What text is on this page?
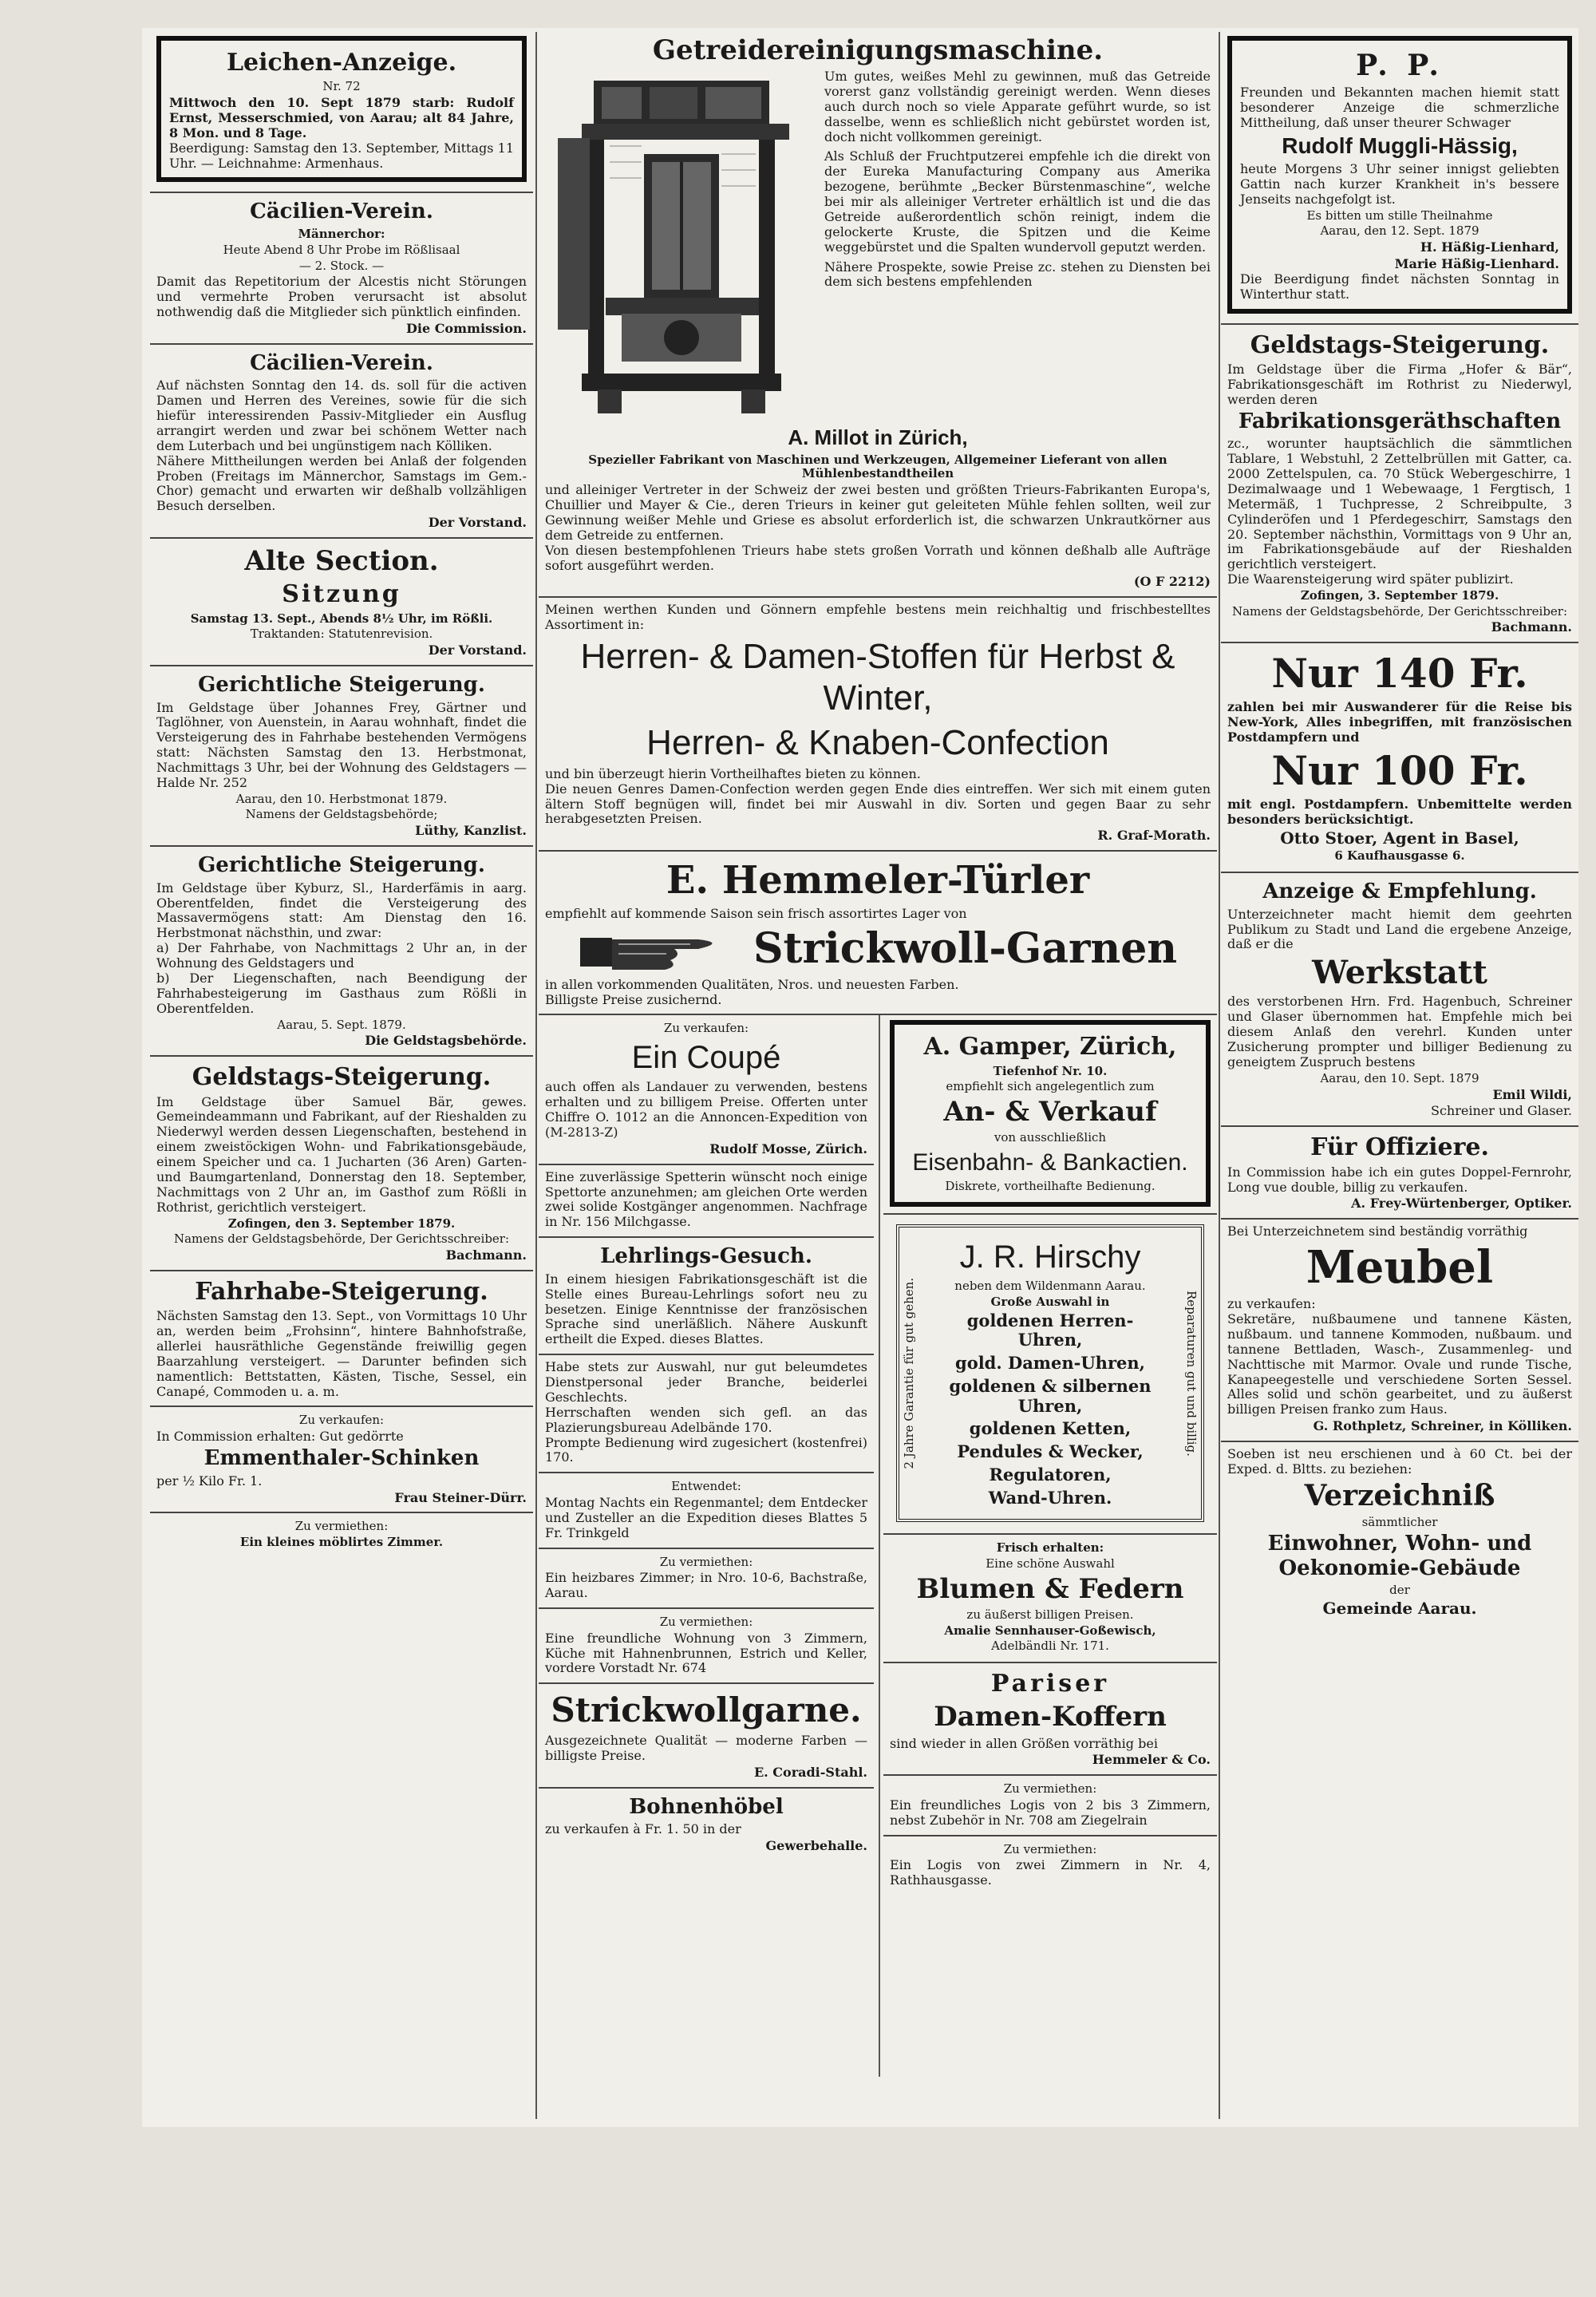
Leichen-Anzeige.
Nr. 72

Mittwoch den 10. Sept 1879 starb: Rudolf Ernst, Messerschmied, von Aarau; alt 84 Jahre, 8 Mon. und 8 Tage.

Beerdigung: Samstag den 13. September, Mittags 11 Uhr. — Leichnahme: Armenhaus.

Cäcilien-Verein.
Männerchor:
Heute Abend 8 Uhr Probe im Rößlisaal
— 2. Stock. —

Damit das Repetitorium der Alcestis nicht Störungen und vermehrte Proben verursacht ist absolut nothwendig daß die Mitglieder sich pünktlich einfinden.

Die Commission.
Cäcilien-Verein.

Auf nächsten Sonntag den 14. ds. soll für die activen Damen und Herren des Vereines, sowie für die sich hiefür interessirenden Passiv-Mitglieder ein Ausflug arrangirt werden und zwar bei schönem Wetter nach dem Luterbach und bei ungünstigem nach Kölliken.

Nähere Mittheilungen werden bei Anlaß der folgenden Proben (Freitags im Männerchor, Samstags im Gem.-Chor) gemacht und erwarten wir deßhalb vollzähligen Besuch derselben.

Der Vorstand.
Alte Section.
Sitzung
Samstag 13. Sept., Abends 8½ Uhr, im Rößli.
Traktanden: Statutenrevision.
Der Vorstand.
Gerichtliche Steigerung.

Im Geldstage über Johannes Frey, Gärtner und Taglöhner, von Auenstein, in Aarau wohnhaft, findet die Versteigerung des in Fahrhabe bestehenden Vermögens statt: Nächsten Samstag den 13. Herbstmonat, Nachmittags 3 Uhr, bei der Wohnung des Geldstagers — Halde Nr. 252

Aarau, den 10. Herbstmonat 1879.
Namens der Geldstagsbehörde;
Lüthy, Kanzlist.
Gerichtliche Steigerung.

Im Geldstage über Kyburz, Sl., Harderfämis in aarg. Oberentfelden, findet die Versteigerung des Massavermögens statt: Am Dienstag den 16. Herbstmonat nächsthin, und zwar:

a) Der Fahrhabe, von Nachmittags 2 Uhr an, in der Wohnung des Geldstagers und

b) Der Liegenschaften, nach Beendigung der Fahrhabesteigerung im Gasthaus zum Rößli in Oberentfelden.

Aarau, 5. Sept. 1879.
Die Geldstagsbehörde.
Geldstags-Steigerung.

Im Geldstage über Samuel Bär, gewes. Gemeindeammann und Fabrikant, auf der Rieshalden zu Niederwyl werden dessen Liegenschaften, bestehend in einem zweistöckigen Wohn- und Fabrikationsgebäude, einem Speicher und ca. 1 Jucharten (36 Aren) Garten- und Baumgartenland, Donnerstag den 18. September, Nachmittags von 2 Uhr an, im Gasthof zum Rößli in Rothrist, gerichtlich versteigert.

Zofingen, den 3. September 1879.
Namens der Geldstagsbehörde, Der Gerichtsschreiber:
Bachmann.
Fahrhabe-Steigerung.

Nächsten Samstag den 13. Sept., von Vormittags 10 Uhr an, werden beim „Frohsinn“, hintere Bahnhofstraße, allerlei hausräthliche Gegenstände freiwillig gegen Baarzahlung versteigert. — Darunter befinden sich namentlich: Bettstatten, Kästen, Tische, Sessel, ein Canapé, Commoden u. a. m.

Zu verkaufen:

In Commission erhalten: Gut gedörrte

Emmenthaler-Schinken

per ½ Kilo Fr. 1.

Frau Steiner-Dürr.
Zu vermiethen:
Ein kleines möblirtes Zimmer.
Getreidereinigungsmaschine.

Um gutes, weißes Mehl zu gewinnen, muß das Getreide vorerst ganz vollständig gereinigt werden. Wenn dieses auch durch noch so viele Apparate geführt wurde, so ist dasselbe, wenn es schließlich nicht gebürstet worden ist, doch nicht vollkommen gereinigt.

Als Schluß der Fruchtputzerei empfehle ich die direkt von der Eureka Manufacturing Company aus Amerika bezogene, berühmte „Becker Bürstenmaschine“, welche bei mir als alleiniger Vertreter erhältlich ist und die das Getreide außerordentlich schön reinigt, indem die gelockerte Kruste, die Spitzen und die Keime weggebürstet und die Spalten wundervoll geputzt werden.

Nähere Prospekte, sowie Preise zc. stehen zu Diensten bei dem sich bestens empfehlenden

A. Millot in Zürich,
Spezieller Fabrikant von Maschinen und Werkzeugen, Allgemeiner Lieferant von allen Mühlenbestandtheilen

und alleiniger Vertreter in der Schweiz der zwei besten und größten Trieurs-Fabrikanten Europa's, Chuillier und Mayer & Cie., deren Trieurs in keiner gut geleiteten Mühle fehlen sollten, weil zur Gewinnung weißer Mehle und Griese es absolut erforderlich ist, die schwarzen Unkrautkörner aus dem Getreide zu entfernen.

Von diesen bestempfohlenen Trieurs habe stets großen Vorrath und können deßhalb alle Aufträge sofort ausgeführt werden.

(O F 2212)

Meinen werthen Kunden und Gönnern empfehle bestens mein reichhaltig und frischbestelltes Assortiment in:

Herren- & Damen-Stoffen für Herbst & Winter,
Herren- & Knaben-Confection

und bin überzeugt hierin Vortheilhaftes bieten zu können.

Die neuen Genres Damen-Confection werden gegen Ende dies eintreffen. Wer sich mit einem guten ältern Stoff begnügen will, findet bei mir Auswahl in div. Sorten und gegen Baar zu sehr herabgesetzten Preisen.

R. Graf-Morath.
E. Hemmeler-Türler

empfiehlt auf kommende Saison sein frisch assortirtes Lager von

Strickwoll-Garnen

in allen vorkommenden Qualitäten, Nros. und neuesten Farben.

Billigste Preise zusichernd.

Zu verkaufen:
Ein Coupé

auch offen als Landauer zu verwenden, bestens erhalten und zu billigem Preise. Offerten unter Chiffre O. 1012 an die Annoncen-Expedition von (M-2813-Z)

Rudolf Mosse, Zürich.

Eine zuverlässige Spetterin wünscht noch einige Spettorte anzunehmen; am gleichen Orte werden zwei solide Kostgänger angenommen. Nachfrage in Nr. 156 Milchgasse.

Lehrlings-Gesuch.

In einem hiesigen Fabrikationsgeschäft ist die Stelle eines Bureau-Lehrlings sofort neu zu besetzen. Einige Kenntnisse der französischen Sprache sind unerläßlich. Nähere Auskunft ertheilt die Exped. dieses Blattes.

Habe stets zur Auswahl, nur gut beleumdetes Dienstpersonal jeder Branche, beiderlei Geschlechts.

Herrschaften wenden sich gefl. an das Plazierungsbureau Adelbände 170.

Prompte Bedienung wird zugesichert (kostenfrei) 170.

Entwendet:

Montag Nachts ein Regenmantel; dem Entdecker und Zusteller an die Expedition dieses Blattes 5 Fr. Trinkgeld

Zu vermiethen:

Ein heizbares Zimmer; in Nro. 10-6, Bachstraße, Aarau.

Zu vermiethen:

Eine freundliche Wohnung von 3 Zimmern, Küche mit Hahnenbrunnen, Estrich und Keller, vordere Vorstadt Nr. 674

Strickwollgarne.

Ausgezeichnete Qualität — moderne Farben — billigste Preise.

E. Coradi-Stahl.
Bohnenhöbel

zu verkaufen à Fr. 1. 50 in der

Gewerbehalle.
A. Gamper, Zürich,
Tiefenhof Nr. 10.
empfiehlt sich angelegentlich zum
An- & Verkauf
von ausschließlich
Eisenbahn- & Bankactien.
Diskrete, vortheilhafte Bedienung.
2 Jahre Garantie für gut gehen.	Reparaturen gut und billig.
J. R. Hirschy
neben dem Wildenmann Aarau.
Große Auswahl in
goldenen Herren-Uhren,
gold. Damen-Uhren,
goldenen & silbernen Uhren,
goldenen Ketten,
Pendules & Wecker,
Regulatoren,
Wand-Uhren.
Frisch erhalten:
Eine schöne Auswahl
Blumen & Federn
zu äußerst billigen Preisen.
Amalie Sennhauser-Goßewisch,
Adelbändli Nr. 171.
Pariser
Damen-Koffern

sind wieder in allen Größen vorräthig bei

Hemmeler & Co.
Zu vermiethen:

Ein freundliches Logis von 2 bis 3 Zimmern, nebst Zubehör in Nr. 708 am Ziegelrain

Zu vermiethen:

Ein Logis von zwei Zimmern in Nr. 4, Rathhausgasse.

P. P.

Freunden und Bekannten machen hiemit statt besonderer Anzeige die schmerzliche Mittheilung, daß unser theurer Schwager

Rudolf Muggli-Hässig,

heute Morgens 3 Uhr seiner innigst geliebten Gattin nach kurzer Krankheit in's bessere Jenseits nachgefolgt ist.

Es bitten um stille Theilnahme
Aarau, den 12. Sept. 1879
H. Häßig-Lienhard,
Marie Häßig-Lienhard.

Die Beerdigung findet nächsten Sonntag in Winterthur statt.

Geldstags-Steigerung.

Im Geldstage über die Firma „Hofer & Bär“, Fabrikationsgeschäft im Rothrist zu Niederwyl, werden deren

Fabrikationsgeräthschaften

zc., worunter hauptsächlich die sämmtlichen Tablare, 1 Webstuhl, 2 Zettelbrüllen mit Gatter, ca. 2000 Zettelspulen, ca. 70 Stück Webergeschirre, 1 Dezimalwaage und 1 Webewaage, 1 Fergtisch, 1 Metermäß, 1 Tuchpresse, 2 Schreibpulte, 3 Cylinderöfen und 1 Pferdegeschirr, Samstags den 20. September nächsthin, Vormittags von 9 Uhr an, im Fabrikationsgebäude auf der Rieshalden gerichtlich versteigert.

Die Waarensteigerung wird später publizirt.

Zofingen, 3. September 1879.
Namens der Geldstagsbehörde, Der Gerichtsschreiber:
Bachmann.
Nur 140 Fr.

zahlen bei mir Auswanderer für die Reise bis New-York, Alles inbegriffen, mit französischen Postdampfern und

Nur 100 Fr.

mit engl. Postdampfern. Unbemittelte werden besonders berücksichtigt.

Otto Stoer, Agent in Basel,
6 Kaufhausgasse 6.
Anzeige & Empfehlung.

Unterzeichneter macht hiemit dem geehrten Publikum zu Stadt und Land die ergebene Anzeige, daß er die

Werkstatt

des verstorbenen Hrn. Frd. Hagenbuch, Schreiner und Glaser übernommen hat. Empfehle mich bei diesem Anlaß den verehrl. Kunden unter Zusicherung prompter und billiger Bedienung zu geneigtem Zuspruch bestens

Aarau, den 10. Sept. 1879
Emil Wildi,
Schreiner und Glaser.
Für Offiziere.

In Commission habe ich ein gutes Doppel-Fernrohr, Long vue double, billig zu verkaufen.

A. Frey-Würtenberger, Optiker.

Bei Unterzeichnetem sind beständig vorräthig

Meubel

zu verkaufen:

Sekretäre, nußbaumene und tannene Kästen, nußbaum. und tannene Kommoden, nußbaum. und tannene Bettladen, Wasch-, Zusammenleg- und Nachttische mit Marmor. Ovale und runde Tische, Kanapeegestelle und verschiedene Sorten Sessel. Alles solid und schön gearbeitet, und zu äußerst billigen Preisen franko zum Haus.

G. Rothpletz, Schreiner, in Kölliken.

Soeben ist neu erschienen und à 60 Ct. bei der Exped. d. Bltts. zu beziehen:

Verzeichniß
sämmtlicher
Einwohner, Wohn- und Oekonomie-Gebäude
der
Gemeinde Aarau.
